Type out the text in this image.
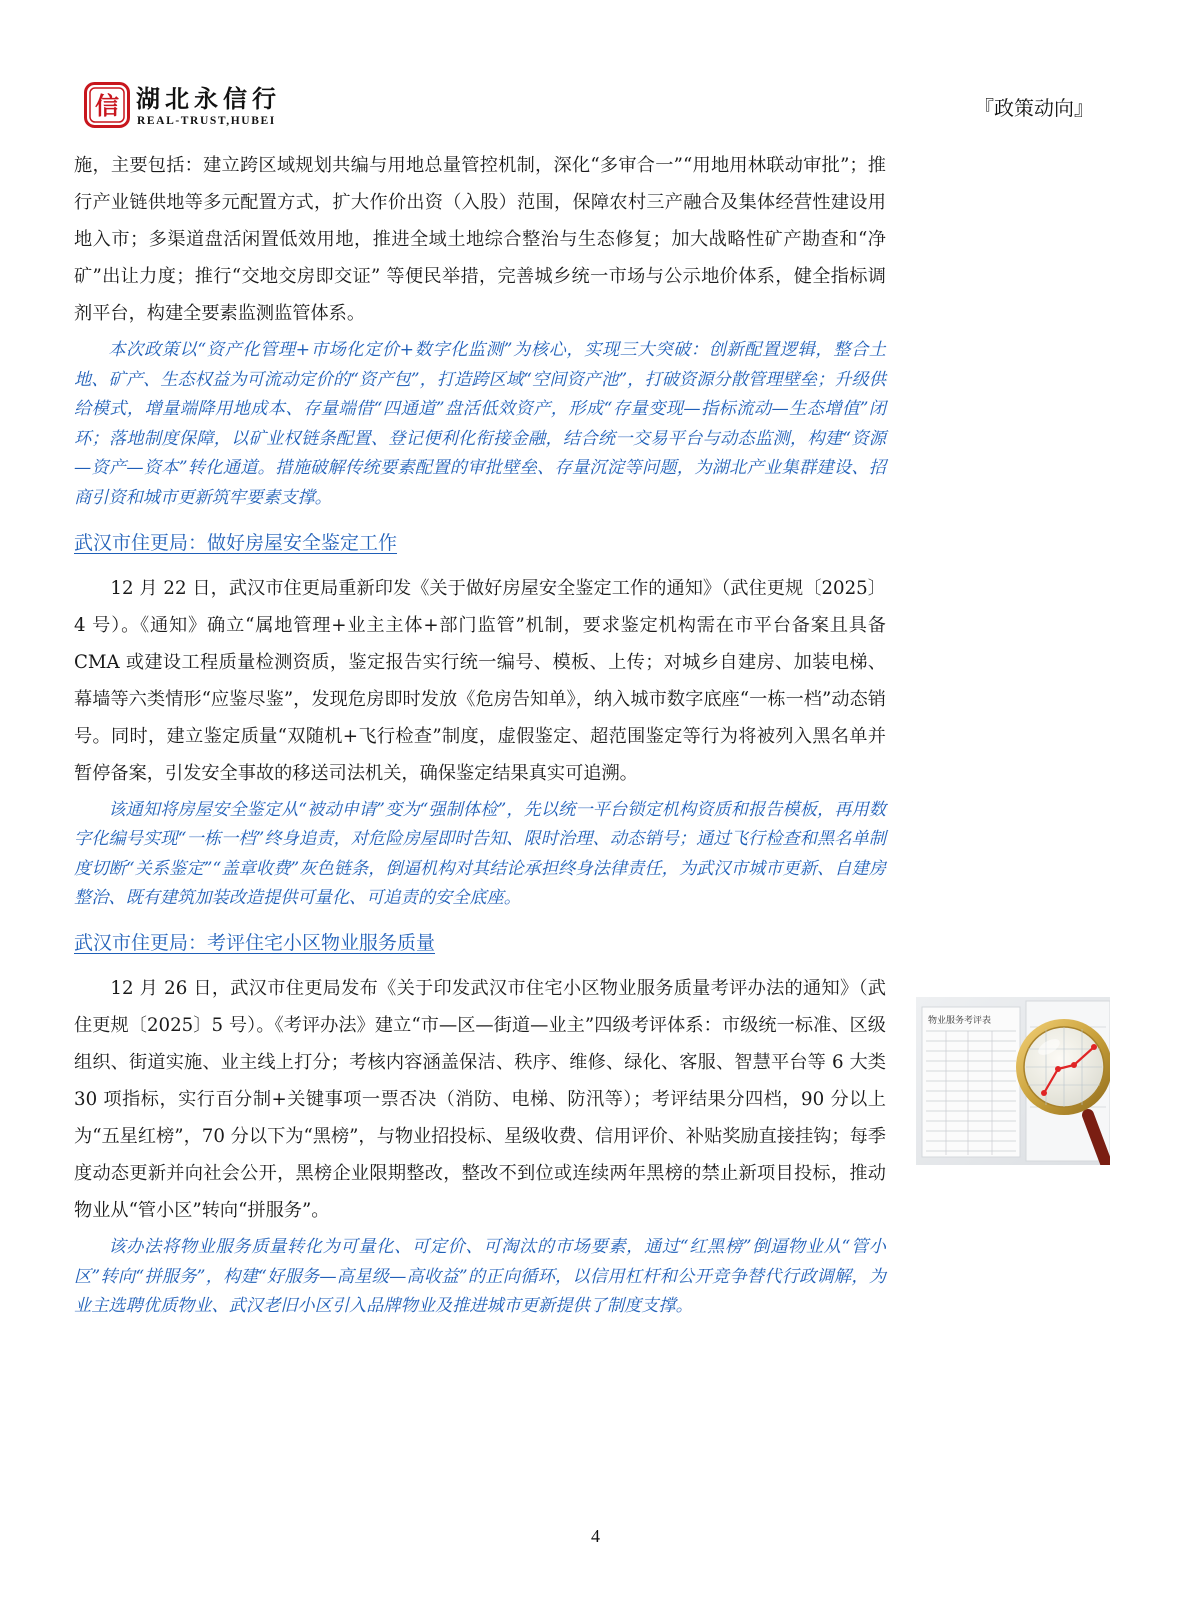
信 湖北永信行
REAL-TRUST,HUBEI
『政策动向』

施，主要包括：建立跨区域规划共编与用地总量管控机制，深化“多审合一”“用地用林联动审批”；推行产业链供地等多元配置方式，扩大作价出资（入股）范围，保障农村三产融合及集体经营性建设用地入市；多渠道盘活闲置低效用地，推进全域土地综合整治与生态修复；加大战略性矿产勘查和“净矿”出让力度；推行“交地交房即交证” 等便民举措，完善城乡统一市场与公示地价体系，健全指标调剂平台，构建全要素监测监管体系。

本次政策以“资产化管理+市场化定价+数字化监测”为核心，实现三大突破：创新配置逻辑，整合土地、矿产、生态权益为可流动定价的“资产包”，打造跨区域“空间资产池”，打破资源分散管理壁垒；升级供给模式，增量端降用地成本、存量端借“四通道”盘活低效资产，形成“存量变现—指标流动—生态增值”闭环；落地制度保障，以矿业权链条配置、登记便利化衔接金融，结合统一交易平台与动态监测，构建“资源—资产—资本”转化通道。措施破解传统要素配置的审批壁垒、存量沉淀等问题，为湖北产业集群建设、招商引资和城市更新筑牢要素支撑。

武汉市住更局：做好房屋安全鉴定工作

12 月 22 日，武汉市住更局重新印发《关于做好房屋安全鉴定工作的通知》（武住更规〔2025〕4 号）。《通知》确立“属地管理+业主主体+部门监管”机制，要求鉴定机构需在市平台备案且具备 CMA 或建设工程质量检测资质，鉴定报告实行统一编号、模板、上传；对城乡自建房、加装电梯、幕墙等六类情形“应鉴尽鉴”，发现危房即时发放《危房告知单》，纳入城市数字底座“一栋一档”动态销号。同时，建立鉴定质量“双随机+飞行检查”制度，虚假鉴定、超范围鉴定等行为将被列入黑名单并暂停备案，引发安全事故的移送司法机关，确保鉴定结果真实可追溯。

该通知将房屋安全鉴定从“被动申请”变为“强制体检”，先以统一平台锁定机构资质和报告模板，再用数字化编号实现“一栋一档”终身追责，对危险房屋即时告知、限时治理、动态销号；通过飞行检查和黑名单制度切断“关系鉴定”“盖章收费”灰色链条，倒逼机构对其结论承担终身法律责任，为武汉市城市更新、自建房整治、既有建筑加装改造提供可量化、可追责的安全底座。

武汉市住更局：考评住宅小区物业服务质量

12 月 26 日，武汉市住更局发布《关于印发武汉市住宅小区物业服务质量考评办法的通知》（武住更规〔2025〕5 号）。《考评办法》建立“市—区—街道—业主”四级考评体系：市级统一标准、区级组织、街道实施、业主线上打分；考核内容涵盖保洁、秩序、维修、绿化、客服、智慧平台等 6 大类 30 项指标，实行百分制+关键事项一票否决（消防、电梯、防汛等）；考评结果分四档，90 分以上为“五星红榜”，70 分以下为“黑榜”，与物业招投标、星级收费、信用评价、补贴奖励直接挂钩；每季度动态更新并向社会公开，黑榜企业限期整改，整改不到位或连续两年黑榜的禁止新项目投标，推动物业从“管小区”转向“拼服务”。

该办法将物业服务质量转化为可量化、可定价、可淘汰的市场要素，通过“红黑榜”倒逼物业从“管小区”转向“拼服务”，构建“好服务—高星级—高收益”的正向循环，以信用杠杆和公开竞争替代行政调解，为业主选聘优质物业、武汉老旧小区引入品牌物业及推进城市更新提供了制度支撑。

物业服务考评表
4
